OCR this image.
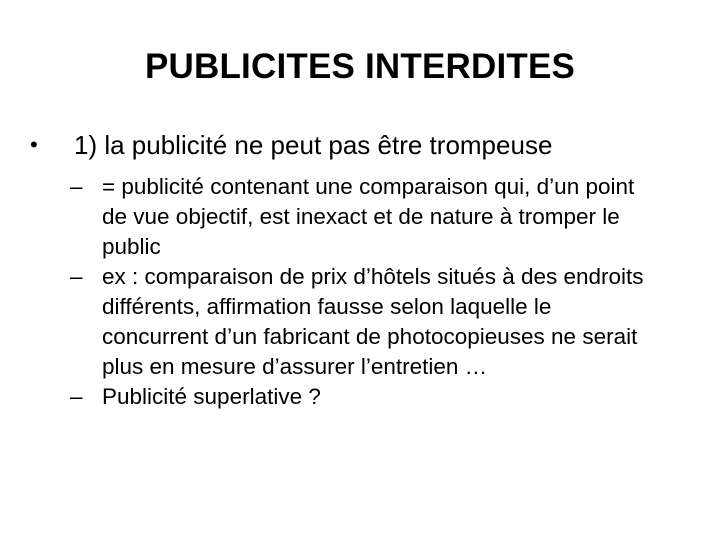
PUBLICITES INTERDITES
•	1) la publicité ne peut pas être trompeuse
– = publicité contenant une comparaison qui, d’un point de vue objectif, est inexact et de nature à tromper le public
– ex : comparaison de prix d’hôtels situés à des endroits différents, affirmation fausse selon laquelle le concurrent d’un fabricant de photocopieuses ne serait plus en mesure d’assurer l’entretien …
– Publicité superlative ?
